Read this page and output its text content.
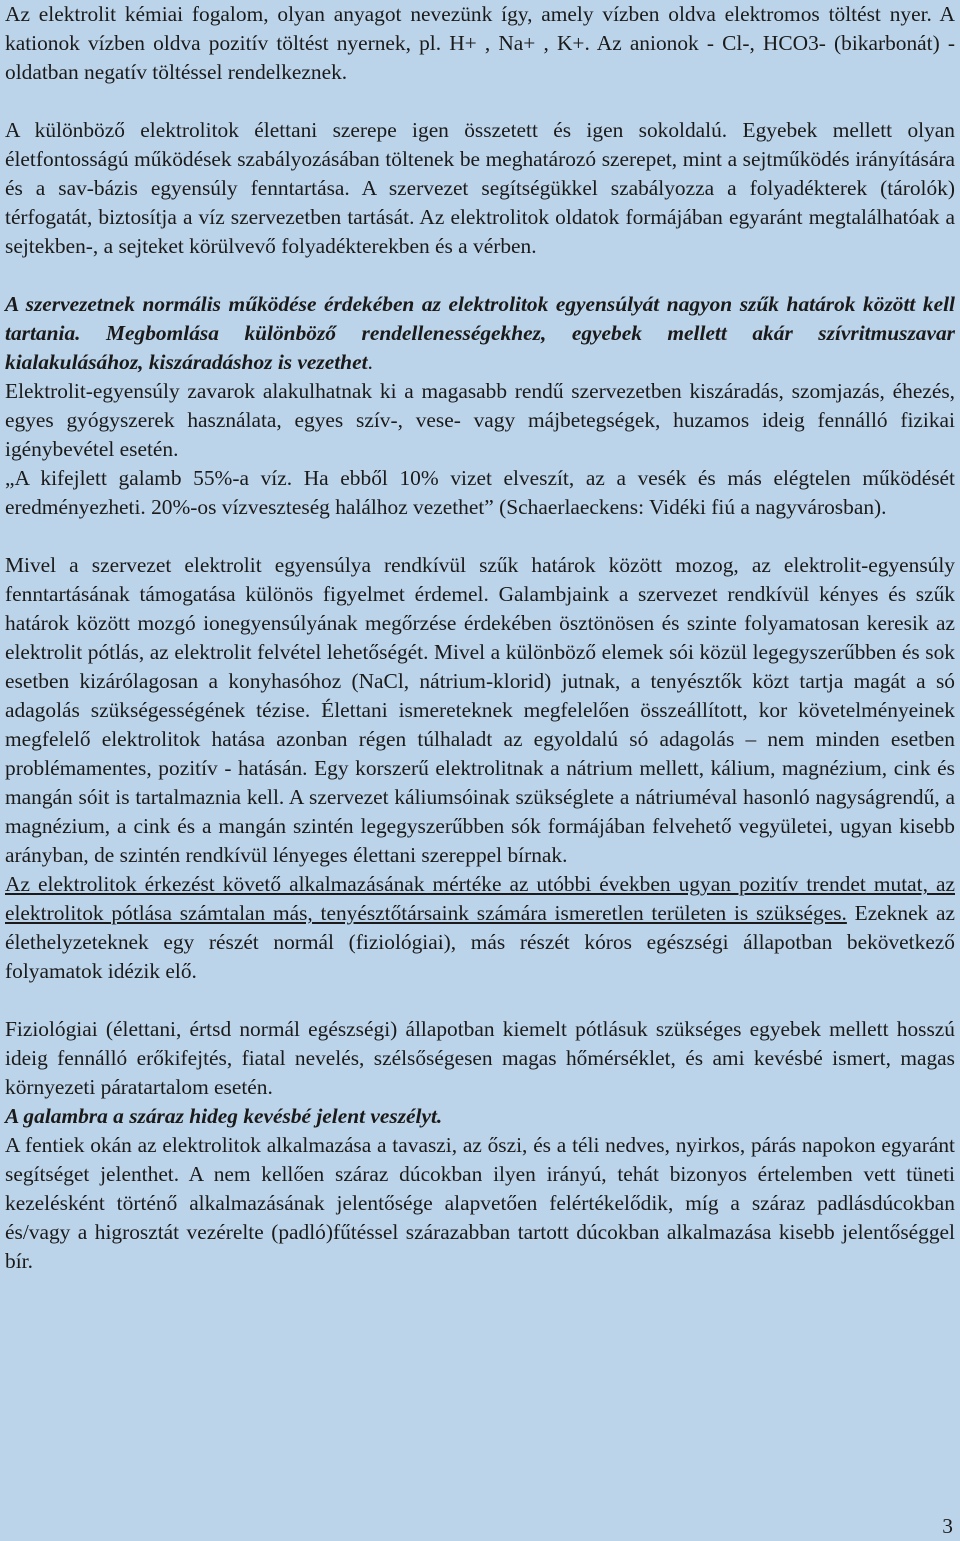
Az elektrolit kémiai fogalom, olyan anyagot nevezünk így, amely vízben oldva elektromos töltést nyer. A kationok vízben oldva pozitív töltést nyernek, pl. H+ , Na+ , K+. Az anionok - Cl-, HCO3- (bikarbonát) - oldatban negatív töltéssel rendelkeznek.

A különböző elektrolitok élettani szerepe igen összetett és igen sokoldalú. Egyebek mellett olyan életfontosságú működések szabályozásában töltenek be meghatározó szerepet, mint a sejtműködés irányítására és a sav-bázis egyensúly fenntartása. A szervezet segítségükkel szabályozza a folyadékterek (tárolók) térfogatát, biztosítja a víz szervezetben tartását. Az elektrolitok oldatok formájában egyaránt megtalálhatóak a sejtekben-, a sejteket körülvevő folyadékterekben és a vérben.

A szervezetnek normális működése érdekében az elektrolitok egyensúlyát nagyon szűk határok között kell tartania. Megbomlása különböző rendellenességekhez, egyebek mellett akár szívritmuszavar kialakulásához, kiszáradáshoz is vezethet.

Elektrolit-egyensúly zavarok alakulhatnak ki a magasabb rendű szervezetben kiszáradás, szomjazás, éhezés, egyes gyógyszerek használata, egyes szív-, vese- vagy májbetegségek, huzamos ideig fennálló fizikai igénybevétel esetén.

„A kifejlett galamb 55%-a víz. Ha ebből 10% vizet elveszít, az a vesék és más elégtelen működését eredményezheti. 20%-os vízveszteség halálhoz vezethet” (Schaerlaeckens: Vidéki fiú a nagyvárosban).

Mivel a szervezet elektrolit egyensúlya rendkívül szűk határok között mozog, az elektrolit-egyensúly fenntartásának támogatása különös figyelmet érdemel. Galambjaink a szervezet rendkívül kényes és szűk határok között mozgó ionegyensúlyának megőrzése érdekében ösztönösen és szinte folyamatosan keresik az elektrolit pótlás, az elektrolit felvétel lehetőségét. Mivel a különböző elemek sói közül legegyszerűbben és sok esetben kizárólagosan a konyhasóhoz (NaCl, nátrium-klorid) jutnak, a tenyésztők közt tartja magát a só adagolás szükségességének tézise. Élettani ismereteknek megfelelően összeállított, kor követelményeinek megfelelő elektrolitok hatása azonban régen túlhaladt az egyoldalú só adagolás – nem minden esetben problémamentes, pozitív - hatásán. Egy korszerű elektrolitnak a nátrium mellett, kálium, magnézium, cink és mangán sóit is tartalmaznia kell. A szervezet káliumsóinak szükséglete a nátriuméval hasonló nagyságrendű, a magnézium, a cink és a mangán szintén legegyszerűbben sók formájában felvehető vegyületei, ugyan kisebb arányban, de szintén rendkívül lényeges élettani szereppel bírnak.

Az elektrolitok érkezést követő alkalmazásának mértéke az utóbbi években ugyan pozitív trendet mutat, az elektrolitok pótlása számtalan más, tenyésztőtársaink számára ismeretlen területen is szükséges. Ezeknek az élethelyzeteknek egy részét normál (fiziológiai), más részét kóros egészségi állapotban bekövetkező folyamatok idézik elő.

Fiziológiai (élettani, értsd normál egészségi) állapotban kiemelt pótlásuk szükséges egyebek mellett hosszú ideig fennálló erőkifejtés, fiatal nevelés, szélsőségesen magas hőmérséklet, és ami kevésbé ismert, magas környezeti páratartalom esetén.

A galambra a száraz hideg kevésbé jelent veszélyt.

A fentiek okán az elektrolitok alkalmazása a tavaszi, az őszi, és a téli nedves, nyirkos, párás napokon egyaránt segítséget jelenthet. A nem kellően száraz dúcokban ilyen irányú, tehát bizonyos értelemben vett tüneti kezelésként történő alkalmazásának jelentősége alapvetően felértékelődik, míg a száraz padlásdúcokban és/vagy a higrosztát vezérelte (padló)fűtéssel szárazabban tartott dúcokban alkalmazása kisebb jelentőséggel bír.

3
